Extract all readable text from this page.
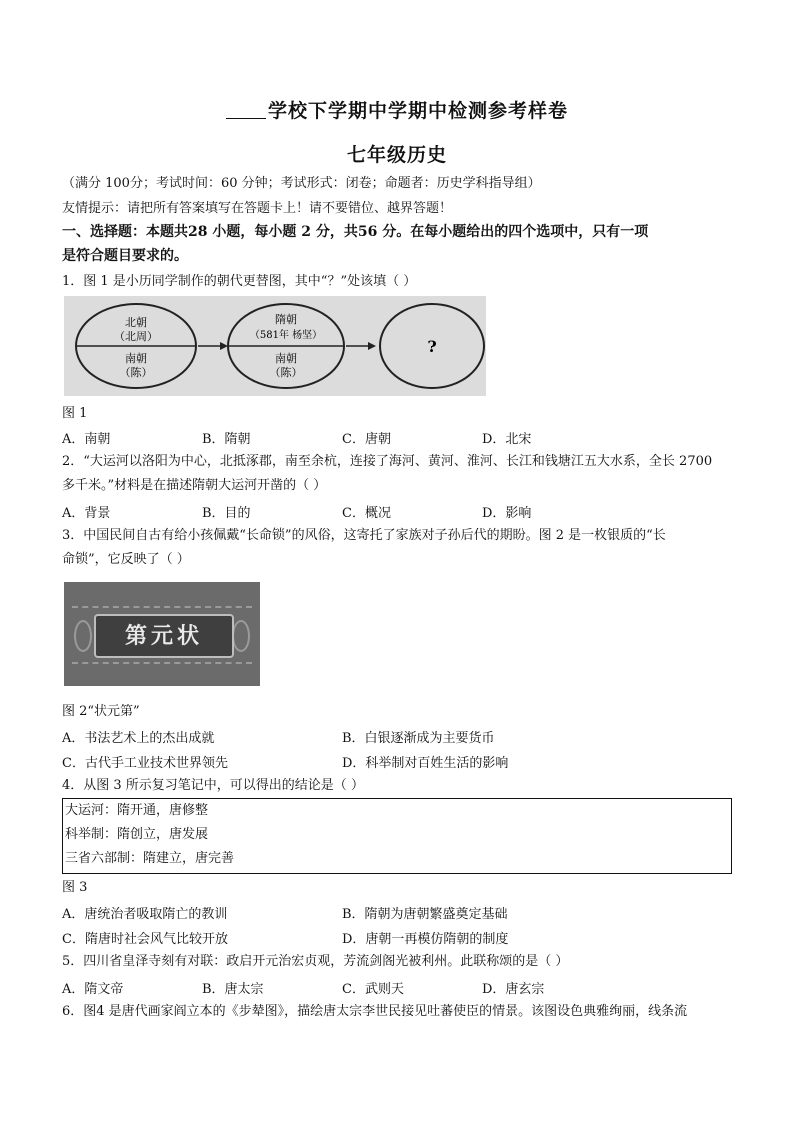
学校下学期中学期中检测参考样卷
七年级历史
（满分 100分；考试时间：60 分钟；考试形式：闭卷；命题者：历史学科指导组）
友情提示：请把所有答案填写在答题卡上！请不要错位、越界答题！
一、选择题：本题共28 小题，每小题 2 分，共56 分。在每小题给出的四个选项中，只有一项
是符合题目要求的。
1．图 1 是小历同学制作的朝代更替图，其中“？”处该填（ ）
北朝
（北周）
南朝
（陈）
隋朝
（581年 杨坚）
南朝
（陈）
?
图 1
A．南朝	B．隋朝	C．唐朝	D．北宋
2．“大运河以洛阳为中心，北抵涿郡，南至余杭，连接了海河、黄河、淮河、长江和钱塘江五大水系，全长 2700
多千米。”材料是在描述隋朝大运河开凿的（ ）
A．背景	B．目的	C．概况	D．影响
3．中国民间自古有给小孩佩戴“长命锁”的风俗，这寄托了家族对子孙后代的期盼。图 2 是一枚银质的“长
命锁”，它反映了（ ）
第元状
图 2“状元第”
A．书法艺术上的杰出成就	B．白银逐渐成为主要货币
C．古代手工业技术世界领先	D．科举制对百姓生活的影响
4．从图 3 所示复习笔记中，可以得出的结论是（ ）
大运河：隋开通，唐修整
科举制：隋创立，唐发展
三省六部制：隋建立，唐完善
图 3
A．唐统治者吸取隋亡的教训	B．隋朝为唐朝繁盛奠定基础
C．隋唐时社会风气比较开放	D．唐朝一再模仿隋朝的制度
5．四川省皇泽寺刻有对联：政启开元治宏贞观，芳流剑阁光被利州。此联称颂的是（ ）
A．隋文帝	B．唐太宗	C．武则天	D．唐玄宗
6．图4 是唐代画家阎立本的《步辇图》，描绘唐太宗李世民接见吐蕃使臣的情景。该图设色典雅绚丽，线条流
